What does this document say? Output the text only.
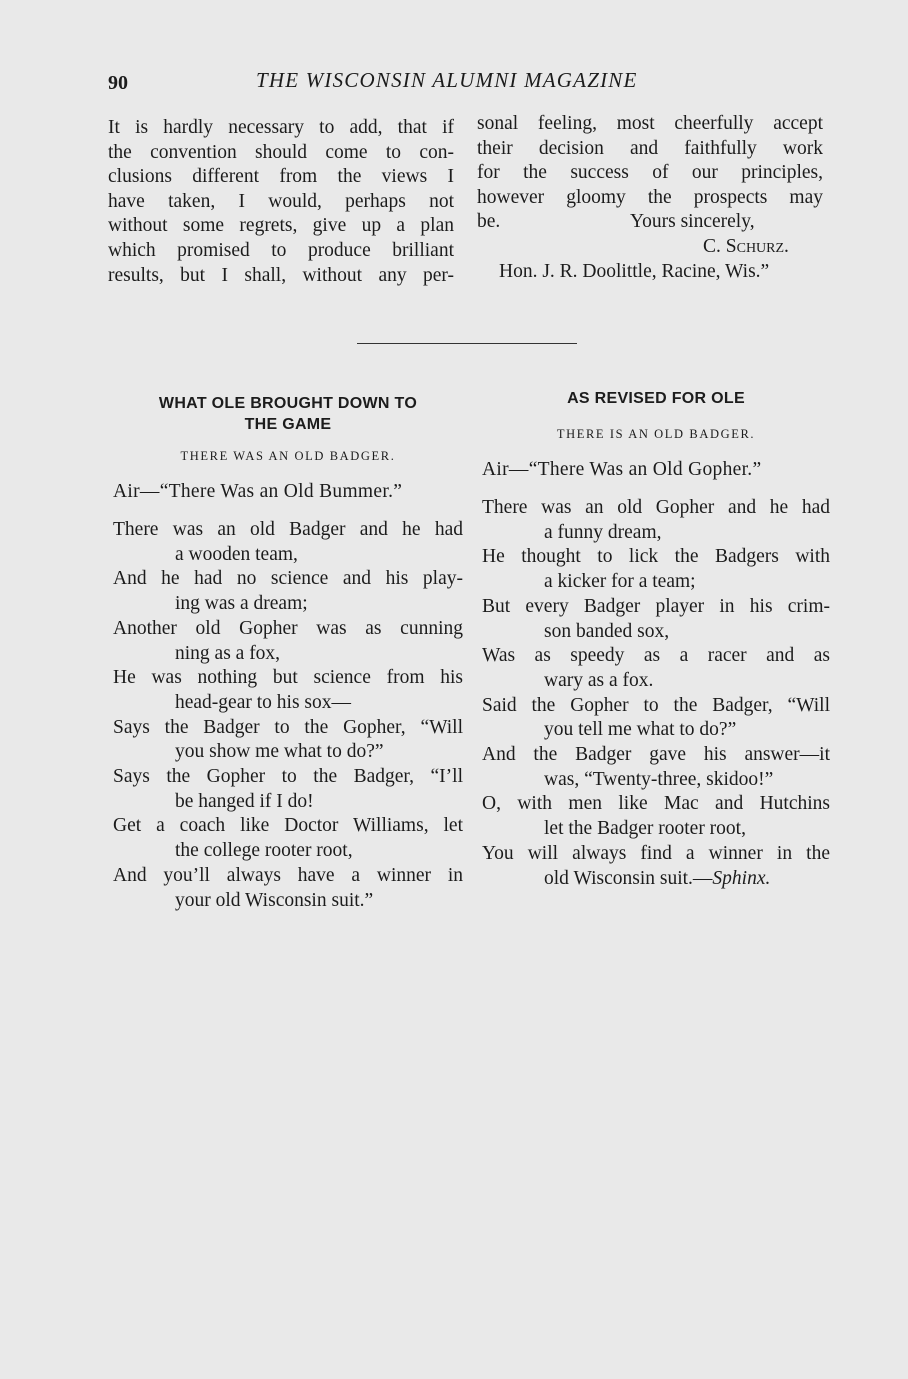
90	THE WISCONSIN ALUMNI MAGAZINE
It is hardly necessary to add, that if
the convention should come to con-
clusions different from the views I
have taken, I would, perhaps not
without some regrets, give up a plan
which promised to produce brilliant
results, but I shall, without any per-
sonal feeling, most cheerfully accept
their decision and faithfully work
for the success of our principles,
however gloomy the prospects may
be.	Yours sincerely,
C. Schurz.
Hon. J. R. Doolittle, Racine, Wis.”
WHAT OLE BROUGHT DOWN TO
THE GAME
THERE WAS AN OLD BADGER.
Air—“There Was an Old Bummer.”
There was an old Badger and he had
a wooden team,
And he had no science and his play-
ing was a dream;
Another old Gopher was as cunning
ning as a fox,
He was nothing but science from his
head-gear to his sox—
Says the Badger to the Gopher, “Will
you show me what to do?”
Says the Gopher to the Badger, “I’ll
be hanged if I do!
Get a coach like Doctor Williams, let
the college rooter root,
And you’ll always have a winner in
your old Wisconsin suit.”
AS REVISED FOR OLE
THERE IS AN OLD BADGER.
Air—“There Was an Old Gopher.”
There was an old Gopher and he had
a funny dream,
He thought to lick the Badgers with
a kicker for a team;
But every Badger player in his crim-
son banded sox,
Was as speedy as a racer and as
wary as a fox.
Said the Gopher to the Badger, “Will
you tell me what to do?”
And the Badger gave his answer—it
was, “Twenty-three, skidoo!”
O, with men like Mac and Hutchins
let the Badger rooter root,
You will always find a winner in the
old Wisconsin suit.—Sphinx.
